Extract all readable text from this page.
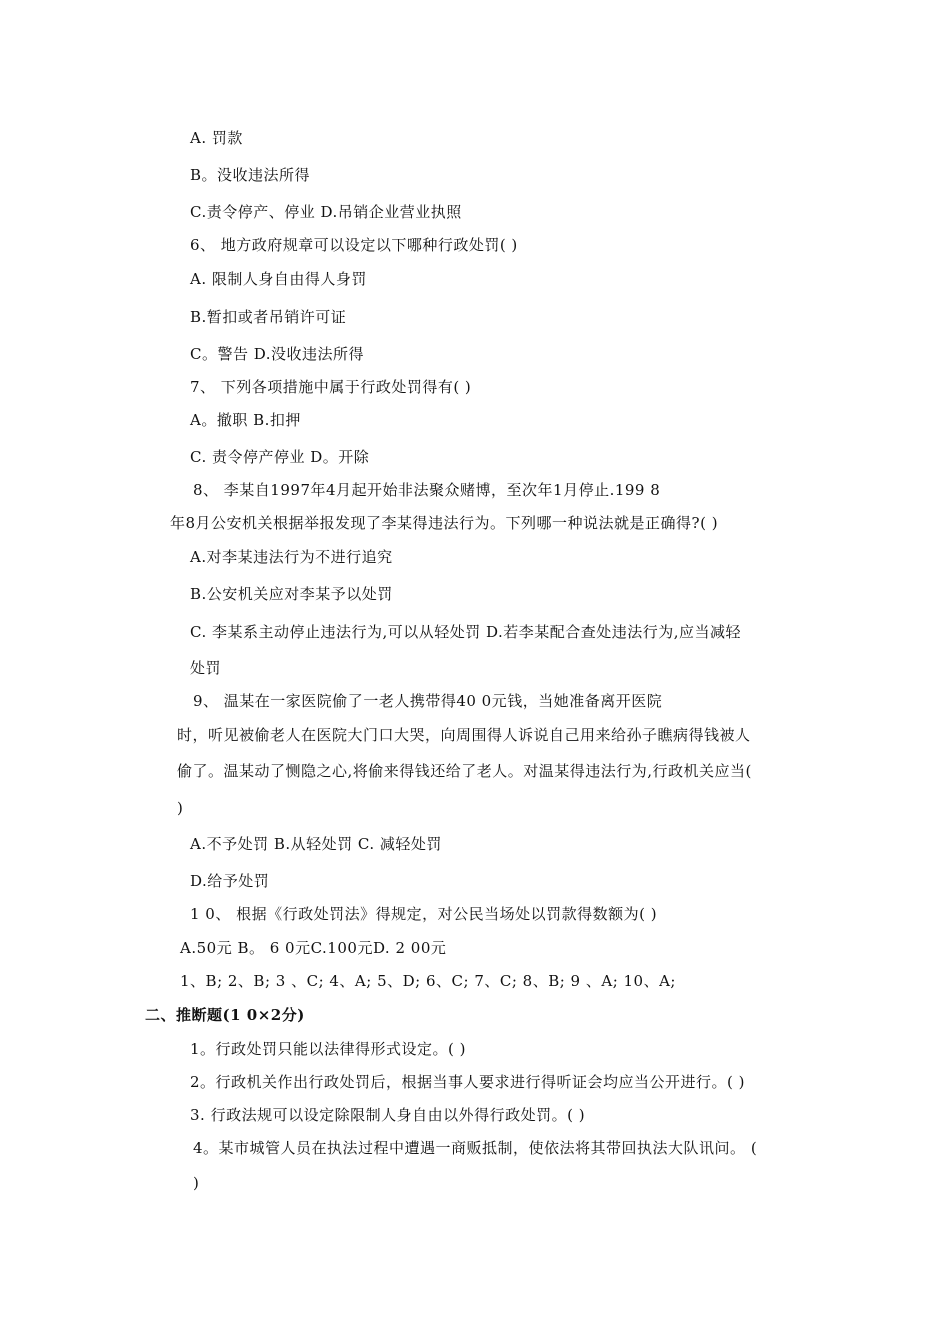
A. 罚款
B。没收违法所得
C.责令停产、停业 D.吊销企业营业执照
6、 地方政府规章可以设定以下哪种行政处罚( )
A. 限制人身自由得人身罚
B.暂扣或者吊销许可证
C。警告 D.没收违法所得
7、 下列各项措施中属于行政处罚得有( )
A。撤职 B.扣押
C. 责令停产停业 D。开除
8、 李某自1997年4月起开始非法聚众赌博，至次年1月停止.199 8
年8月公安机关根据举报发现了李某得违法行为。下列哪一种说法就是正确得?( )
A.对李某违法行为不进行追究
B.公安机关应对李某予以处罚
C. 李某系主动停止违法行为,可以从轻处罚 D.若李某配合查处违法行为,应当减轻
处罚
9、 温某在一家医院偷了一老人携带得40 0元钱，当她准备离开医院
时，听见被偷老人在医院大门口大哭，向周围得人诉说自己用来给孙子瞧病得钱被人
偷了。温某动了恻隐之心,将偷来得钱还给了老人。对温某得违法行为,行政机关应当(
)
A.不予处罚 B.从轻处罚 C. 减轻处罚
D.给予处罚
1 0、 根据《行政处罚法》得规定，对公民当场处以罚款得数额为( )
A.50元 B。 6 0元C.100元D. 2 00元
1、B; 2、B; 3 、C; 4、A; 5、D; 6、C; 7、C; 8、B; 9 、A; 10、A;
二、推断题(1 0×2分)
1。行政处罚只能以法律得形式设定。( )
2。行政机关作出行政处罚后，根据当事人要求进行得听证会均应当公开进行。( )
3. 行政法规可以设定除限制人身自由以外得行政处罚。( )
4。某市城管人员在执法过程中遭遇一商贩抵制，使依法将其带回执法大队讯问。 (
)
